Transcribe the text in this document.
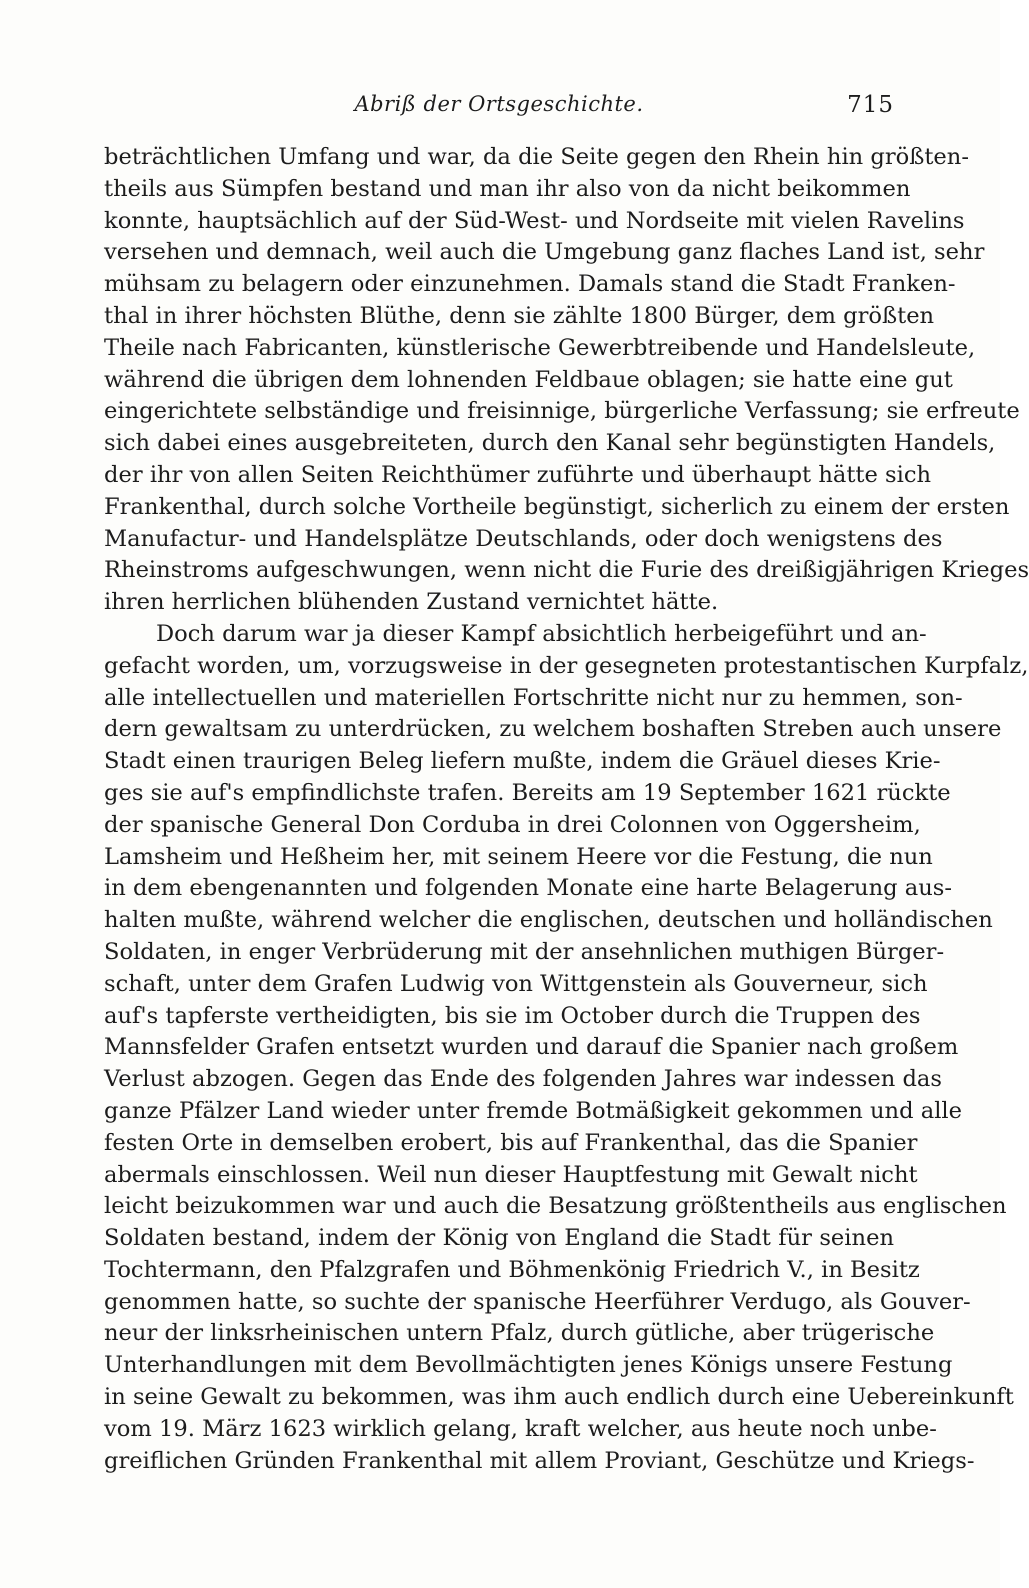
Abriß der Ortsgeschichte.	715
beträchtlichen Umfang und war, da die Seite gegen den Rhein hin größten-
theils aus Sümpfen bestand und man ihr also von da nicht beikommen
konnte, hauptsächlich auf der Süd-West- und Nordseite mit vielen Ravelins
versehen und demnach, weil auch die Umgebung ganz flaches Land ist, sehr
mühsam zu belagern oder einzunehmen. Damals stand die Stadt Franken-
thal in ihrer höchsten Blüthe, denn sie zählte 1800 Bürger, dem größten
Theile nach Fabricanten, künstlerische Gewerbtreibende und Handelsleute,
während die übrigen dem lohnenden Feldbaue oblagen; sie hatte eine gut
eingerichtete selbständige und freisinnige, bürgerliche Verfassung; sie erfreute
sich dabei eines ausgebreiteten, durch den Kanal sehr begünstigten Handels,
der ihr von allen Seiten Reichthümer zuführte und überhaupt hätte sich
Frankenthal, durch solche Vortheile begünstigt, sicherlich zu einem der ersten
Manufactur- und Handelsplätze Deutschlands, oder doch wenigstens des
Rheinstroms aufgeschwungen, wenn nicht die Furie des dreißigjährigen Krieges
ihren herrlichen blühenden Zustand vernichtet hätte.
Doch darum war ja dieser Kampf absichtlich herbeigeführt und an-
gefacht worden, um, vorzugsweise in der gesegneten protestantischen Kurpfalz,
alle intellectuellen und materiellen Fortschritte nicht nur zu hemmen, son-
dern gewaltsam zu unterdrücken, zu welchem boshaften Streben auch unsere
Stadt einen traurigen Beleg liefern mußte, indem die Gräuel dieses Krie-
ges sie auf's empfindlichste trafen. Bereits am 19 September 1621 rückte
der spanische General Don Corduba in drei Colonnen von Oggersheim,
Lamsheim und Heßheim her, mit seinem Heere vor die Festung, die nun
in dem ebengenannten und folgenden Monate eine harte Belagerung aus-
halten mußte, während welcher die englischen, deutschen und holländischen
Soldaten, in enger Verbrüderung mit der ansehnlichen muthigen Bürger-
schaft, unter dem Grafen Ludwig von Wittgenstein als Gouverneur, sich
auf's tapferste vertheidigten, bis sie im October durch die Truppen des
Mannsfelder Grafen entsetzt wurden und darauf die Spanier nach großem
Verlust abzogen. Gegen das Ende des folgenden Jahres war indessen das
ganze Pfälzer Land wieder unter fremde Botmäßigkeit gekommen und alle
festen Orte in demselben erobert, bis auf Frankenthal, das die Spanier
abermals einschlossen. Weil nun dieser Hauptfestung mit Gewalt nicht
leicht beizukommen war und auch die Besatzung größtentheils aus englischen
Soldaten bestand, indem der König von England die Stadt für seinen
Tochtermann, den Pfalzgrafen und Böhmenkönig Friedrich V., in Besitz
genommen hatte, so suchte der spanische Heerführer Verdugo, als Gouver-
neur der linksrheinischen untern Pfalz, durch gütliche, aber trügerische
Unterhandlungen mit dem Bevollmächtigten jenes Königs unsere Festung
in seine Gewalt zu bekommen, was ihm auch endlich durch eine Uebereinkunft
vom 19. März 1623 wirklich gelang, kraft welcher, aus heute noch unbe-
greiflichen Gründen Frankenthal mit allem Proviant, Geschütze und Kriegs-
